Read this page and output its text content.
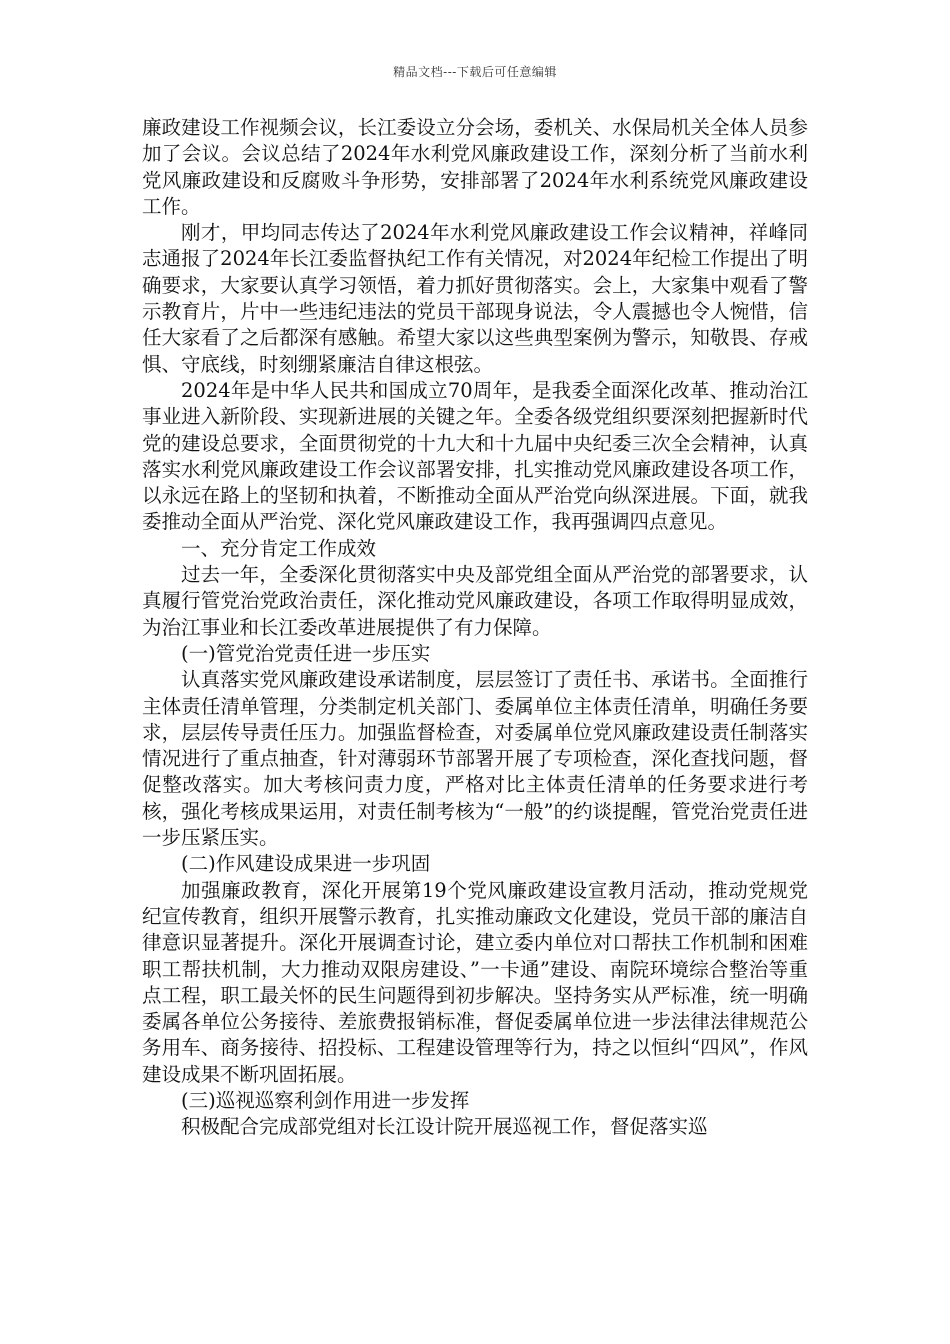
精品文档---下载后可任意编辑

廉政建设工作视频会议，长江委设立分会场，委机关、水保局机关全体人员参加了会议。会议总结了2024年水利党风廉政建设工作，深刻分析了当前水利党风廉政建设和反腐败斗争形势，安排部署了2024年水利系统党风廉政建设工作。

刚才，甲均同志传达了2024年水利党风廉政建设工作会议精神，祥峰同志通报了2024年长江委监督执纪工作有关情况，对2024年纪检工作提出了明确要求，大家要认真学习领悟，着力抓好贯彻落实。会上，大家集中观看了警示教育片，片中一些违纪违法的党员干部现身说法，令人震撼也令人惋惜，信任大家看了之后都深有感触。希望大家以这些典型案例为警示，知敬畏、存戒惧、守底线，时刻绷紧廉洁自律这根弦。

2024年是中华人民共和国成立70周年，是我委全面深化改革、推动治江事业进入新阶段、实现新进展的关键之年。全委各级党组织要深刻把握新时代党的建设总要求，全面贯彻党的十九大和十九届中央纪委三次全会精神，认真落实水利党风廉政建设工作会议部署安排，扎实推动党风廉政建设各项工作，以永远在路上的坚韧和执着，不断推动全面从严治党向纵深进展。下面，就我委推动全面从严治党、深化党风廉政建设工作，我再强调四点意见。

一、充分肯定工作成效

过去一年，全委深化贯彻落实中央及部党组全面从严治党的部署要求，认真履行管党治党政治责任，深化推动党风廉政建设，各项工作取得明显成效，为治江事业和长江委改革进展提供了有力保障。

(一)管党治党责任进一步压实

认真落实党风廉政建设承诺制度，层层签订了责任书、承诺书。全面推行主体责任清单管理，分类制定机关部门、委属单位主体责任清单，明确任务要求，层层传导责任压力。加强监督检查，对委属单位党风廉政建设责任制落实情况进行了重点抽查，针对薄弱环节部署开展了专项检查，深化查找问题，督促整改落实。加大考核问责力度，严格对比主体责任清单的任务要求进行考核，强化考核成果运用，对责任制考核为“一般”的约谈提醒，管党治党责任进一步压紧压实。

(二)作风建设成果进一步巩固

加强廉政教育，深化开展第19个党风廉政建设宣教月活动，推动党规党纪宣传教育，组织开展警示教育，扎实推动廉政文化建设，党员干部的廉洁自律意识显著提升。深化开展调查讨论，建立委内单位对口帮扶工作机制和困难职工帮扶机制，大力推动双限房建设、”一卡通”建设、南院环境综合整治等重点工程，职工最关怀的民生问题得到初步解决。坚持务实从严标准，统一明确委属各单位公务接待、差旅费报销标准，督促委属单位进一步法律法律规范公务用车、商务接待、招投标、工程建设管理等行为，持之以恒纠“四风”，作风建设成果不断巩固拓展。

(三)巡视巡察利剑作用进一步发挥

积极配合完成部党组对长江设计院开展巡视工作，督促落实巡
